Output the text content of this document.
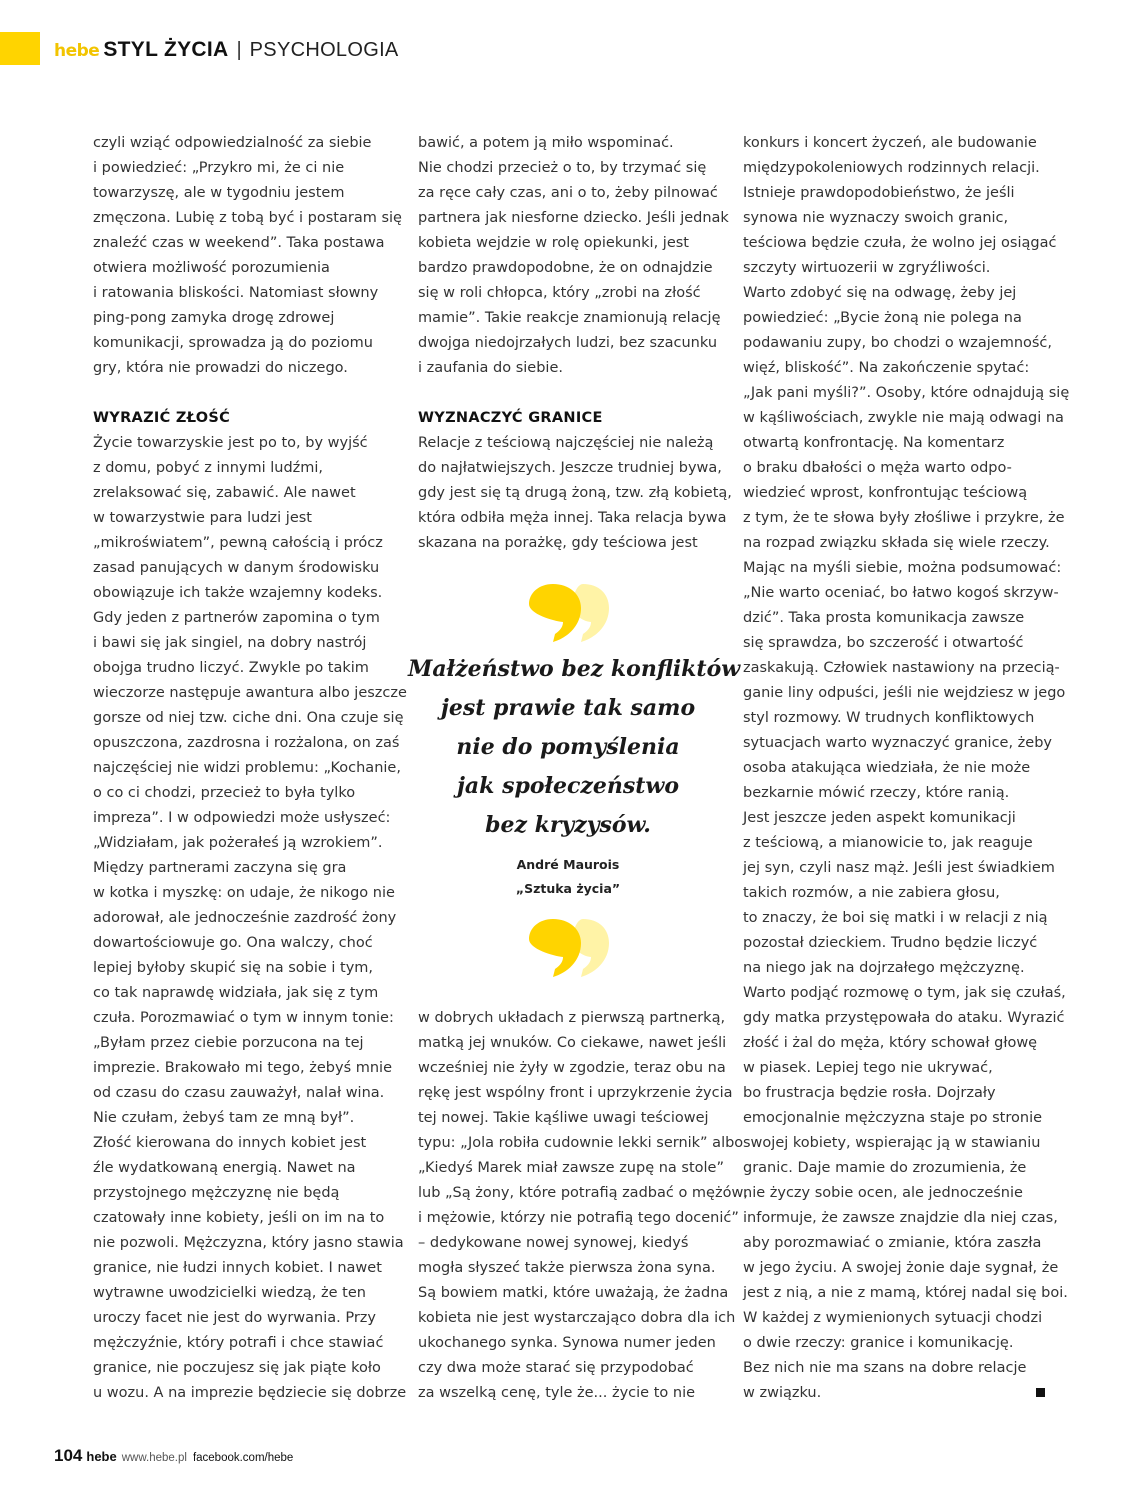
hebe STYL ŻYCIA | PSYCHOLOGIA

czyli wziąć odpowiedzialność za siebie

i powiedzieć: „Przykro mi, że ci nie

towarzyszę, ale w tygodniu jestem

zmęczona. Lubię z tobą być i postaram się

znaleźć czas w weekend”. Taka postawa

otwiera możliwość porozumienia

i ratowania bliskości. Natomiast słowny

ping-pong zamyka drogę zdrowej

komunikacji, sprowadza ją do poziomu

gry, która nie prowadzi do niczego.

WYRAZIĆ ZŁOŚĆ

Życie towarzyskie jest po to, by wyjść

z domu, pobyć z innymi ludźmi,

zrelaksować się, zabawić. Ale nawet

w towarzystwie para ludzi jest

„mikroświatem”, pewną całością i prócz

zasad panujących w danym środowisku

obowiązuje ich także wzajemny kodeks.

Gdy jeden z partnerów zapomina o tym

i bawi się jak singiel, na dobry nastrój

obojga trudno liczyć. Zwykle po takim

wieczorze następuje awantura albo jeszcze

gorsze od niej tzw. ciche dni. Ona czuje się

opuszczona, zazdrosna i rozżalona, on zaś

najczęściej nie widzi problemu: „Kochanie,

o co ci chodzi, przecież to była tylko

impreza”. I w odpowiedzi może usłyszeć:

„Widziałam, jak pożerałeś ją wzrokiem”.

Między partnerami zaczyna się gra

w kotka i myszkę: on udaje, że nikogo nie

adorował, ale jednocześnie zazdrość żony

dowartościowuje go. Ona walczy, choć

lepiej byłoby skupić się na sobie i tym,

co tak naprawdę widziała, jak się z tym

czuła. Porozmawiać o tym w innym tonie:

„Byłam przez ciebie porzucona na tej

imprezie. Brakowało mi tego, żebyś mnie

od czasu do czasu zauważył, nalał wina.

Nie czułam, żebyś tam ze mną był”.

Złość kierowana do innych kobiet jest

źle wydatkowaną energią. Nawet na

przystojnego mężczyznę nie będą

czatowały inne kobiety, jeśli on im na to

nie pozwoli. Mężczyzna, który jasno stawia

granice, nie łudzi innych kobiet. I nawet

wytrawne uwodzicielki wiedzą, że ten

uroczy facet nie jest do wyrwania. Przy

mężczyźnie, który potrafi i chce stawiać

granice, nie poczujesz się jak piąte koło

u wozu. A na imprezie będziecie się dobrze

bawić, a potem ją miło wspominać.

Nie chodzi przecież o to, by trzymać się

za ręce cały czas, ani o to, żeby pilnować

partnera jak niesforne dziecko. Jeśli jednak

kobieta wejdzie w rolę opiekunki, jest

bardzo prawdopodobne, że on odnajdzie

się w roli chłopca, który „zrobi na złość

mamie”. Takie reakcje znamionują relację

dwojga niedojrzałych ludzi, bez szacunku

i zaufania do siebie.

WYZNACZYĆ GRANICE

Relacje z teściową najczęściej nie należą

do najłatwiejszych. Jeszcze trudniej bywa,

gdy jest się tą drugą żoną, tzw. złą kobietą,

która odbiła męża innej. Taka relacja bywa

skazana na porażkę, gdy teściowa jest

Małżeństwo bez konfliktów

jest prawie tak samo

nie do pomyślenia

jak społeczeństwo

bez kryzysów.

André Maurois

„Sztuka życia”

w dobrych układach z pierwszą partnerką,

matką jej wnuków. Co ciekawe, nawet jeśli

wcześniej nie żyły w zgodzie, teraz obu na

rękę jest wspólny front i uprzykrzenie życia

tej nowej. Takie kąśliwe uwagi teściowej

typu: „Jola robiła cudownie lekki sernik” albo

„Kiedyś Marek miał zawsze zupę na stole”

lub „Są żony, które potrafią zadbać o mężów,

i mężowie, którzy nie potrafią tego docenić”

– dedykowane nowej synowej, kiedyś

mogła słyszeć także pierwsza żona syna.

Są bowiem matki, które uważają, że żadna

kobieta nie jest wystarczająco dobra dla ich

ukochanego synka. Synowa numer jeden

czy dwa może starać się przypodobać

za wszelką cenę, tyle że... życie to nie

konkurs i koncert życzeń, ale budowanie

międzypokoleniowych rodzinnych relacji.

Istnieje prawdopodobieństwo, że jeśli

synowa nie wyznaczy swoich granic,

teściowa będzie czuła, że wolno jej osiągać

szczyty wirtuozerii w zgryźliwości.

Warto zdobyć się na odwagę, żeby jej

powiedzieć: „Bycie żoną nie polega na

podawaniu zupy, bo chodzi o wzajemność,

więź, bliskość”. Na zakończenie spytać:

„Jak pani myśli?”. Osoby, które odnajdują się

w kąśliwościach, zwykle nie mają odwagi na

otwartą konfrontację. Na komentarz

o braku dbałości o męża warto odpo-

wiedzieć wprost, konfrontując teściową

z tym, że te słowa były złośliwe i przykre, że

na rozpad związku składa się wiele rzeczy.

Mając na myśli siebie, można podsumować:

„Nie warto oceniać, bo łatwo kogoś skrzyw-

dzić”. Taka prosta komunikacja zawsze

się sprawdza, bo szczerość i otwartość

zaskakują. Człowiek nastawiony na przecią-

ganie liny odpuści, jeśli nie wejdziesz w jego

styl rozmowy. W trudnych konfliktowych

sytuacjach warto wyznaczyć granice, żeby

osoba atakująca wiedziała, że nie może

bezkarnie mówić rzeczy, które ranią.

Jest jeszcze jeden aspekt komunikacji

z teściową, a mianowicie to, jak reaguje

jej syn, czyli nasz mąż. Jeśli jest świadkiem

takich rozmów, a nie zabiera głosu,

to znaczy, że boi się matki i w relacji z nią

pozostał dzieckiem. Trudno będzie liczyć

na niego jak na dojrzałego mężczyznę.

Warto podjąć rozmowę o tym, jak się czułaś,

gdy matka przystępowała do ataku. Wyrazić

złość i żal do męża, który schował głowę

w piasek. Lepiej tego nie ukrywać,

bo frustracja będzie rosła. Dojrzały

emocjonalnie mężczyzna staje po stronie

swojej kobiety, wspierając ją w stawianiu

granic. Daje mamie do zrozumienia, że

nie życzy sobie ocen, ale jednocześnie

informuje, że zawsze znajdzie dla niej czas,

aby porozmawiać o zmianie, która zaszła

w jego życiu. A swojej żonie daje sygnał, że

jest z nią, a nie z mamą, której nadal się boi.

W każdej z wymienionych sytuacji chodzi

o dwie rzeczy: granice i komunikację.

Bez nich nie ma szans na dobre relacje

w związku.

104 hebe www.hebe.pl facebook.com/hebe
